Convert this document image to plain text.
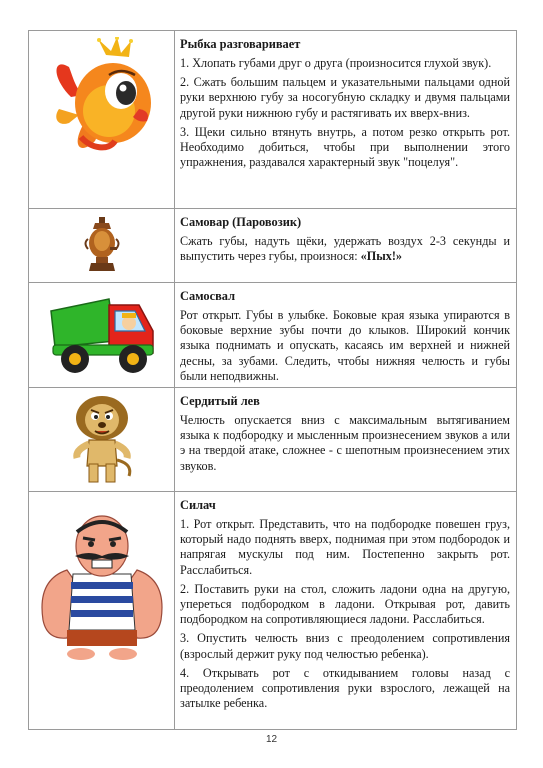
Рыбка разговаривает
1. Хлопать губами друг о друга (произносится глухой звук).
2. Сжать большим пальцем и указательными пальцами одной руки верхнюю губу за носогубную складку и двумя пальцами другой руки нижнюю губу и растягивать их вверх-вниз.
3. Щеки сильно втянуть внутрь, а потом резко открыть рот. Необходимо добиться, чтобы при выполнении этого упражнения, раздавался характерный звук "поцелуя".

Самовар (Паровозик)
Сжать губы, надуть щёки, удержать воздух 2-3 секунды и выпустить через губы, произнося: «Пых!»

Самосвал
Рот открыт. Губы в улыбке. Боковые края языка упираются в боковые верхние зубы почти до клыков. Широкий кончик языка поднимать и опускать, касаясь им верхней и нижней десны, за зубами. Следить, чтобы нижняя челюсть и губы были неподвижны.

Сердитый лев
Челюсть опускается вниз с максимальным вытягиванием языка к подбородку и мысленным произнесением звуков а или э на твердой атаке, сложнее - с шепотным произнесением этих звуков.

Силач
1. Рот открыт. Представить, что на подбородке повешен груз, который надо поднять вверх, поднимая при этом подбородок и напрягая мускулы под ним. Постепенно закрыть рот. Расслабиться.
2. Поставить руки на стол, сложить ладони одна на другую, упереться подбородком в ладони. Открывая рот, давить подбородком на сопротивляющиеся ладони. Расслабиться.
3. Опустить челюсть вниз с преодолением сопротивления (взрослый держит руку под челюстью ребенка).
4. Открывать рот с откидыванием головы назад с преодолением сопротивления руки взрослого, лежащей на затылке ребенка.
12
